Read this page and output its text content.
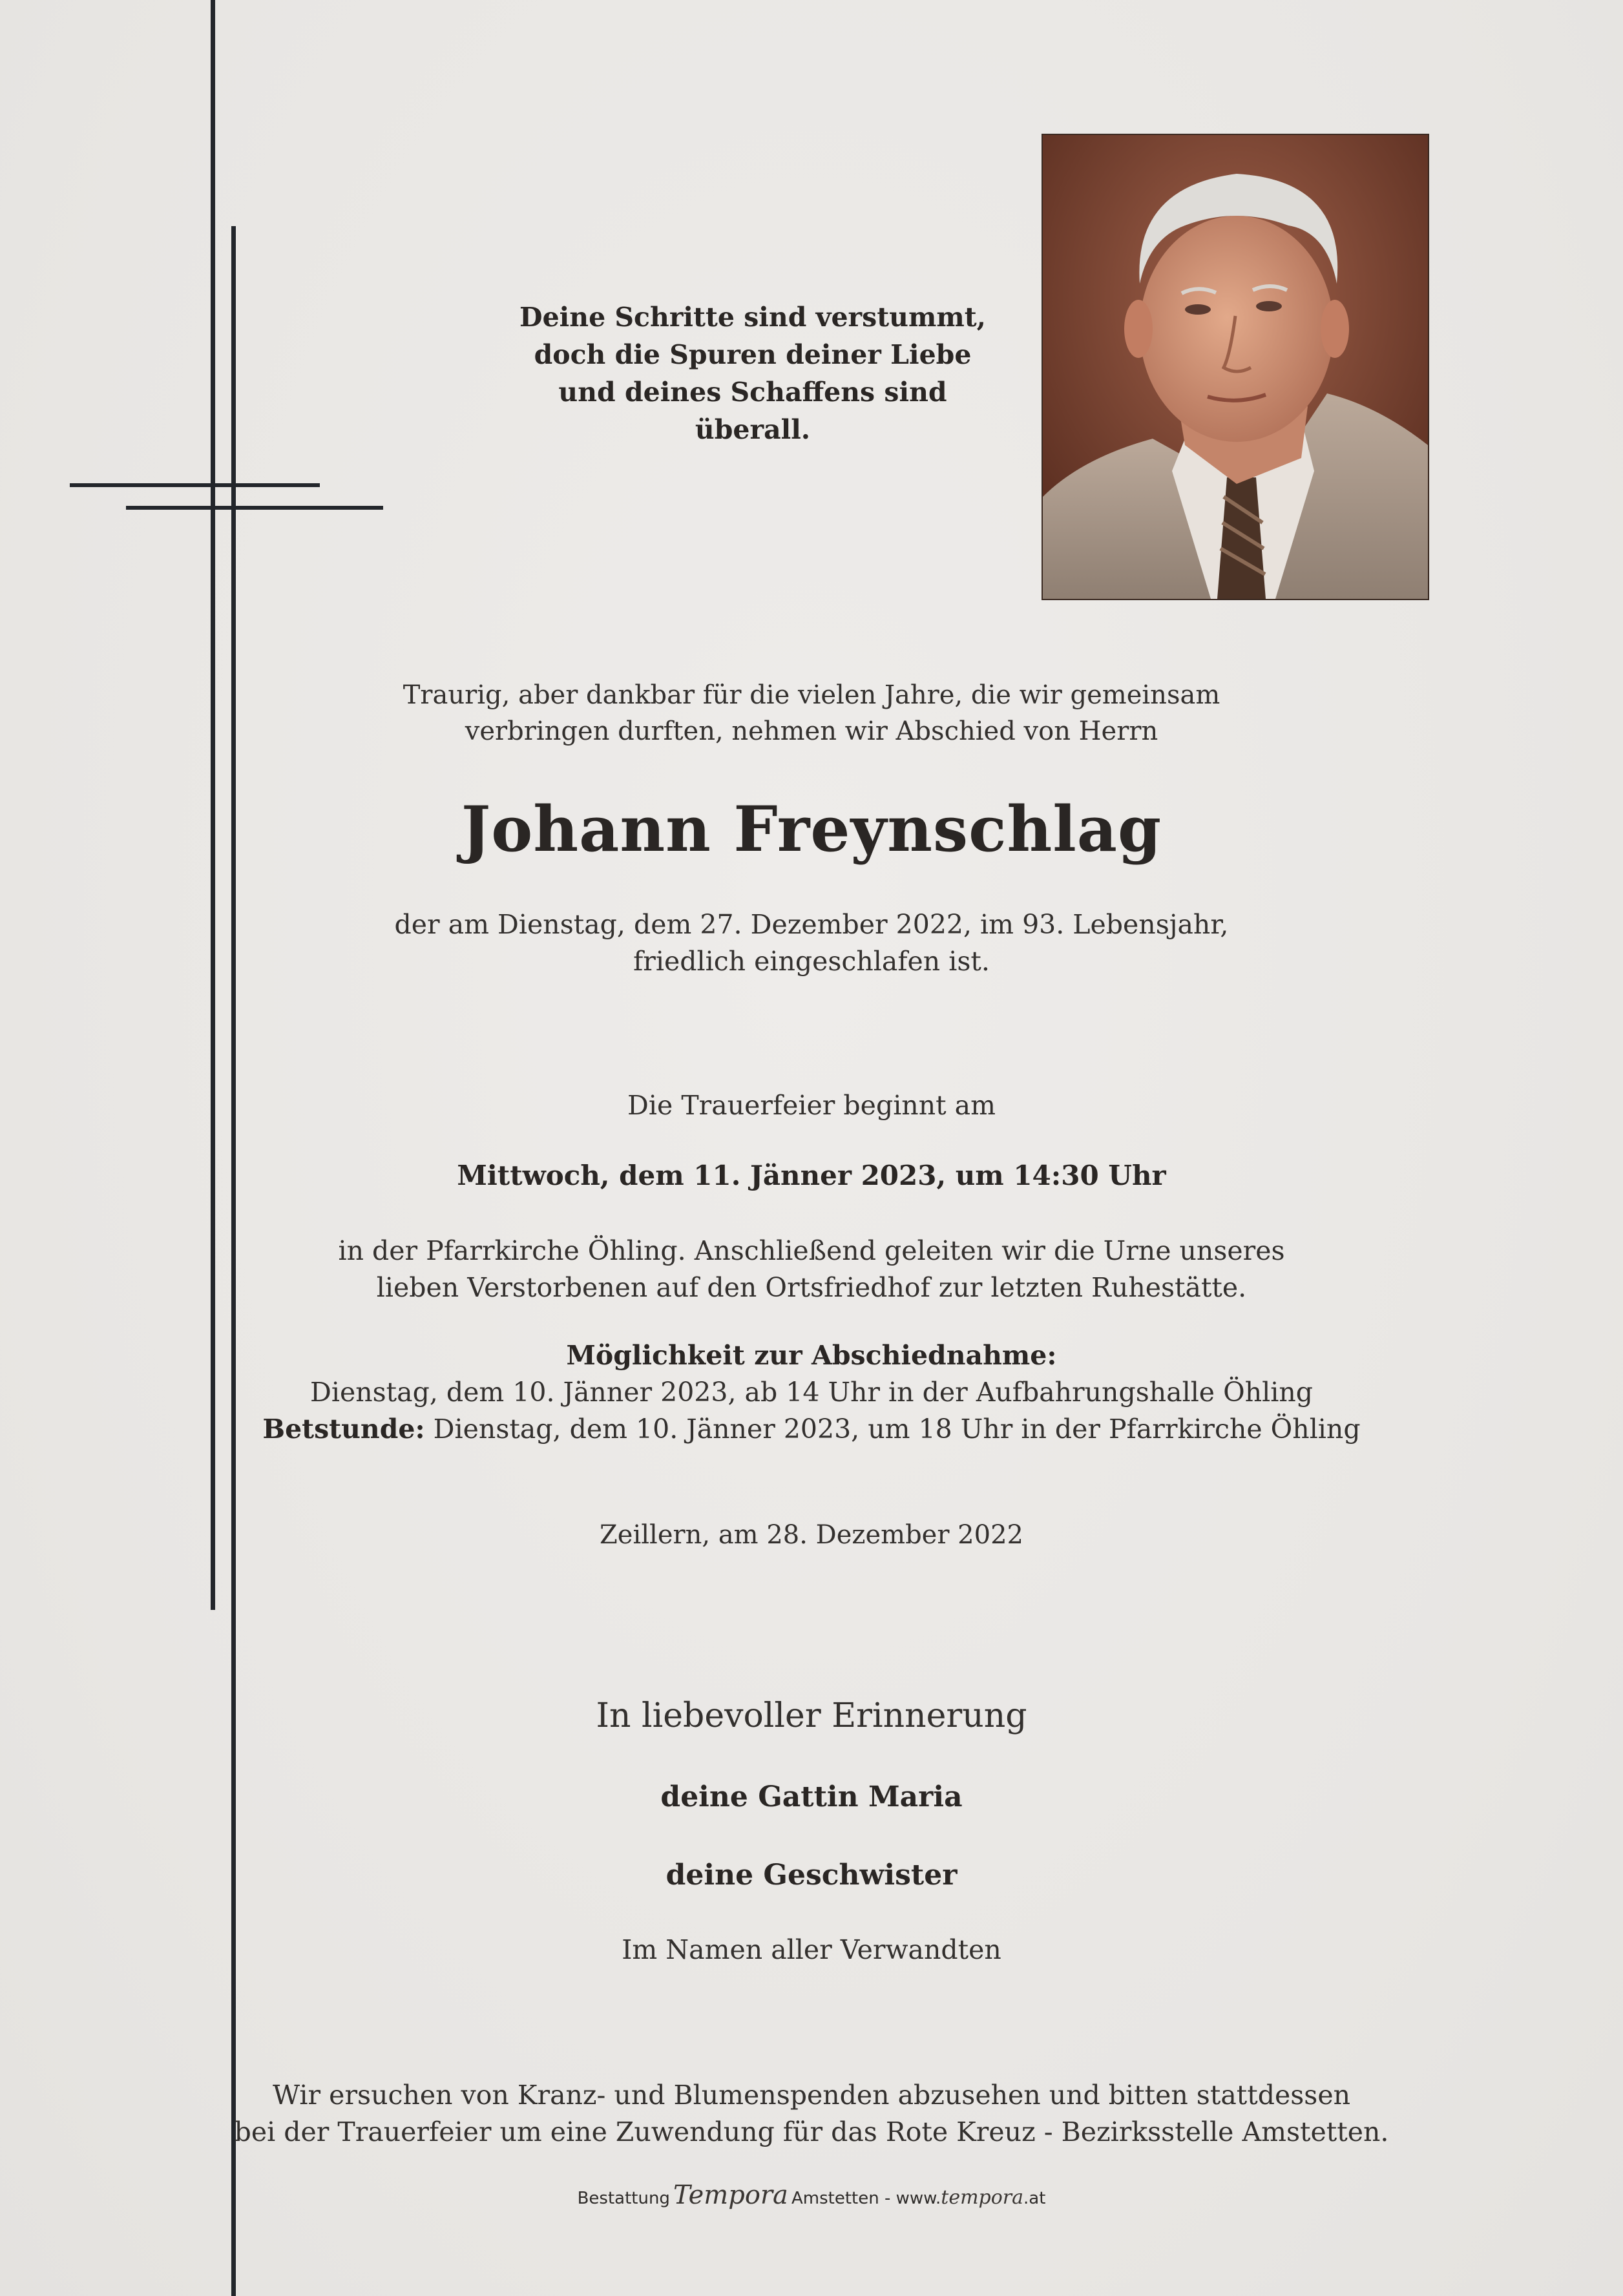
Deine Schritte sind verstummt,
doch die Spuren deiner Liebe
und deines Schaffens sind überall.
Traurig, aber dankbar für die vielen Jahre, die wir gemeinsam
verbringen durften, nehmen wir Abschied von Herrn
Johann Freynschlag
der am Dienstag, dem 27. Dezember 2022, im 93. Lebensjahr,
friedlich eingeschlafen ist.
Die Trauerfeier beginnt am
Mittwoch, dem 11. Jänner 2023, um 14:30 Uhr
in der Pfarrkirche Öhling. Anschließend geleiten wir die Urne unseres
lieben Verstorbenen auf den Ortsfriedhof zur letzten Ruhestätte.
Möglichkeit zur Abschiednahme:
Dienstag, dem 10. Jänner 2023, ab 14 Uhr in der Aufbahrungshalle Öhling
Betstunde: Dienstag, dem 10. Jänner 2023, um 18 Uhr in der Pfarrkirche Öhling
Zeillern, am 28. Dezember 2022
In liebevoller Erinnerung
deine Gattin Maria
deine Geschwister
Im Namen aller Verwandten
Wir ersuchen von Kranz- und Blumenspenden abzusehen und bitten stattdessen
bei der Trauerfeier um eine Zuwendung für das Rote Kreuz - Bezirksstelle Amstetten.
Bestattung Tempora Amstetten - www.tempora.at
